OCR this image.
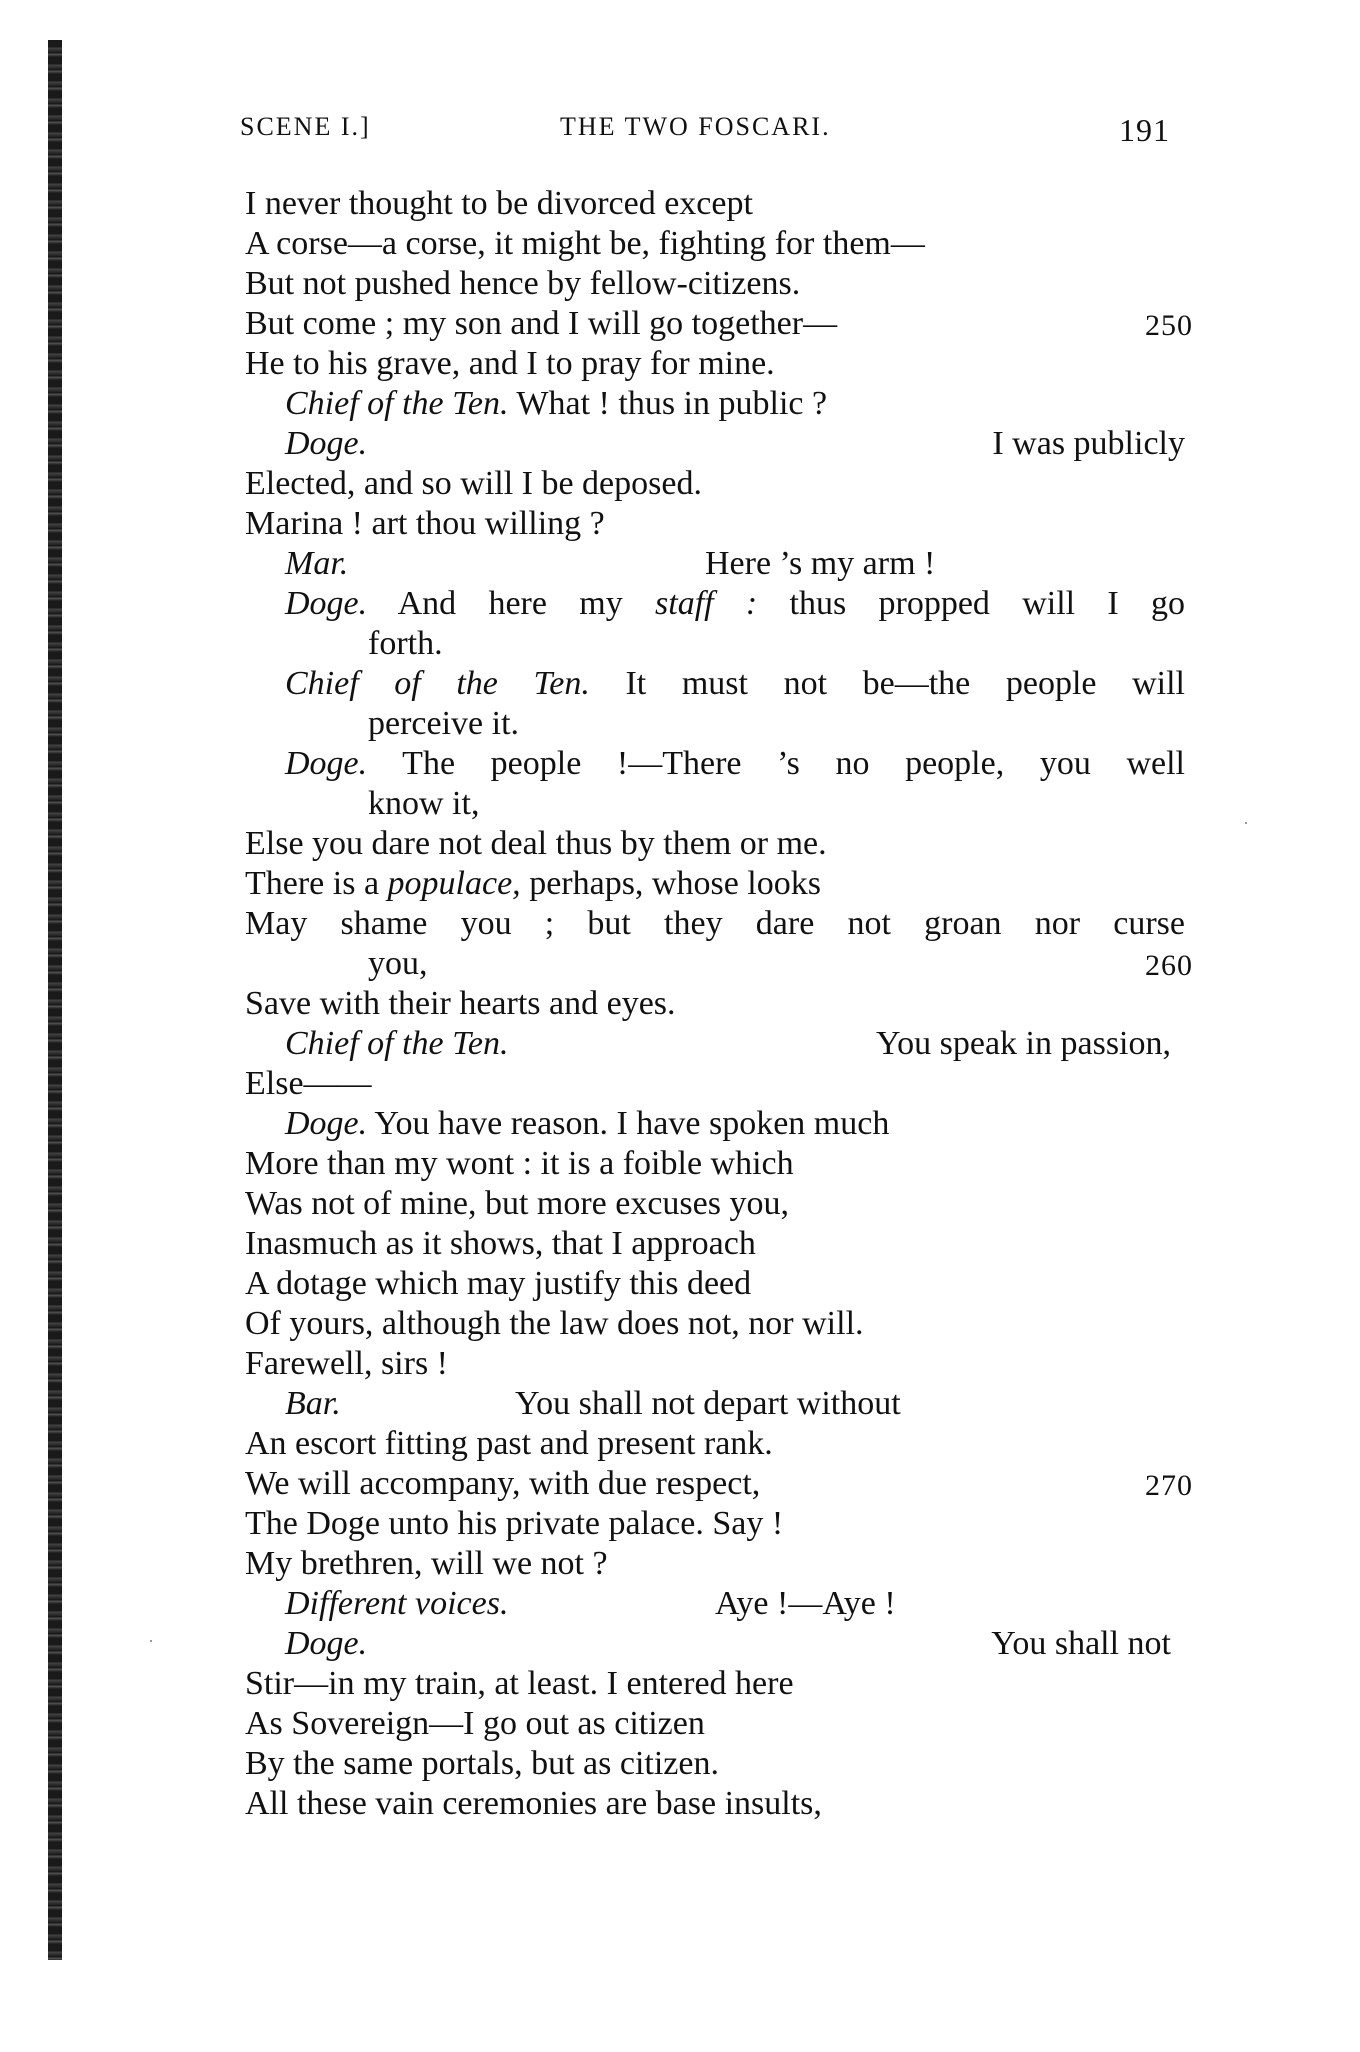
SCENE I.]	THE TWO FOSCARI.	191
I never thought to be divorced except
A corse—a corse, it might be, fighting for them—
But not pushed hence by fellow-citizens.
But come ; my son and I will go together—	250
He to his grave, and I to pray for mine.
Chief of the Ten. What ! thus in public ?
Doge.	I was publicly
Elected, and so will I be deposed.
Marina ! art thou willing ?
Mar.	Here ’s my arm !
Doge. And here my staff : thus propped will I go
forth.
Chief of the Ten. It must not be—the people will
perceive it.
Doge. The people !—There ’s no people, you well
know it,
Else you dare not deal thus by them or me.
There is a populace, perhaps, whose looks
May shame you ; but they dare not groan nor curse
you,	260
Save with their hearts and eyes.
Chief of the Ten.	You speak in passion,
Else——
Doge. You have reason. I have spoken much
More than my wont : it is a foible which
Was not of mine, but more excuses you,
Inasmuch as it shows, that I approach
A dotage which may justify this deed
Of yours, although the law does not, nor will.
Farewell, sirs !
Bar.	You shall not depart without
An escort fitting past and present rank.
We will accompany, with due respect,	270
The Doge unto his private palace. Say !
My brethren, will we not ?
Different voices.	Aye !—Aye !
Doge.	You shall not
Stir—in my train, at least. I entered here
As Sovereign—I go out as citizen
By the same portals, but as citizen.
All these vain ceremonies are base insults,
